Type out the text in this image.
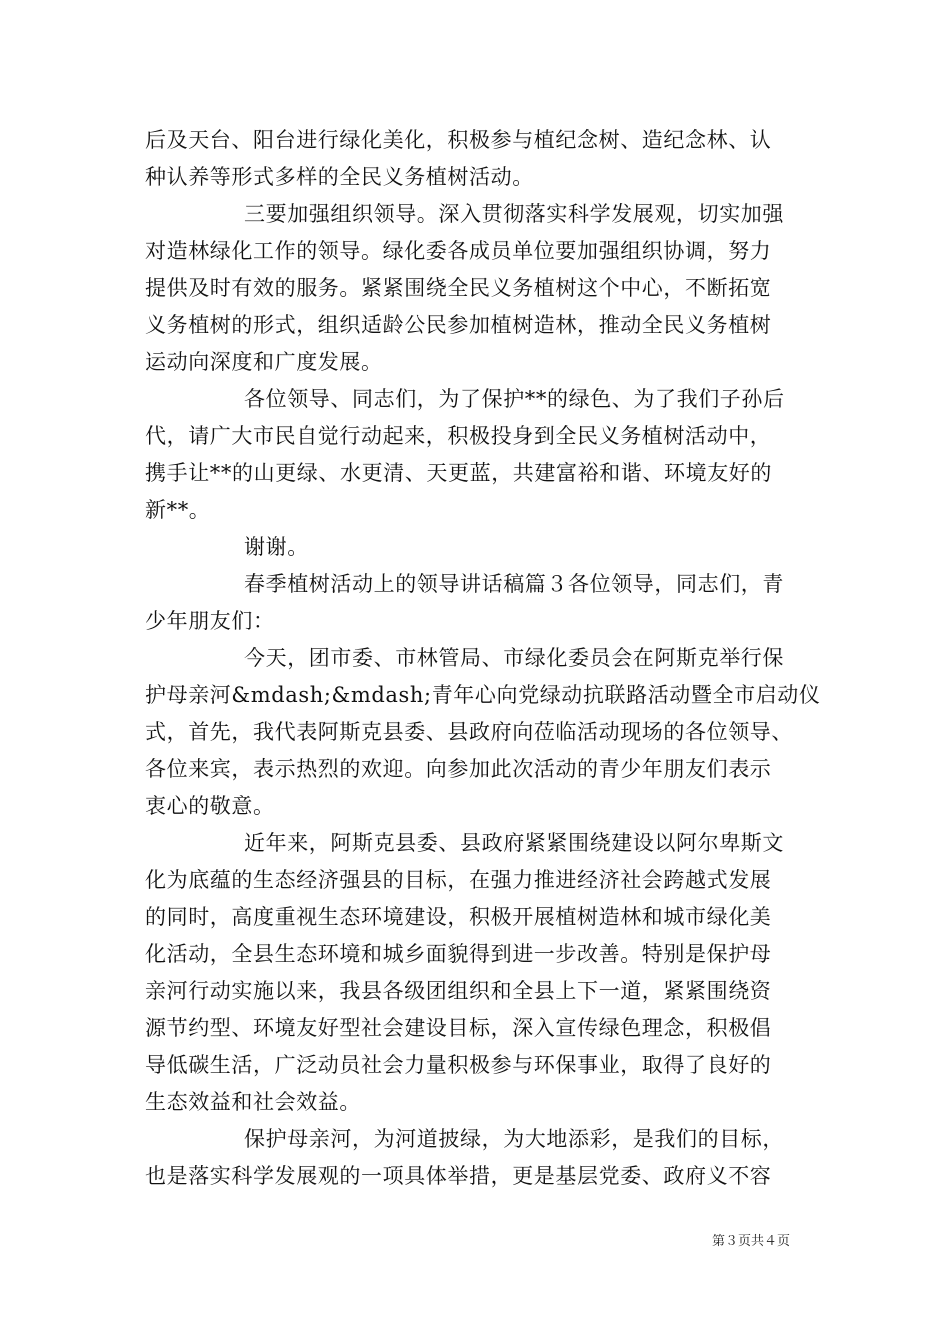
后及天台、阳台进行绿化美化，积极参与植纪念树、造纪念林、认
种认养等形式多样的全民义务植树活动。
三要加强组织领导。深入贯彻落实科学发展观，切实加强
对造林绿化工作的领导。绿化委各成员单位要加强组织协调，努力
提供及时有效的服务。紧紧围绕全民义务植树这个中心，不断拓宽
义务植树的形式，组织适龄公民参加植树造林，推动全民义务植树
运动向深度和广度发展。
各位领导、同志们，为了保护**的绿色、为了我们子孙后
代，请广大市民自觉行动起来，积极投身到全民义务植树活动中，
携手让**的山更绿、水更清、天更蓝，共建富裕和谐、环境友好的
新**。
谢谢。
春季植树活动上的领导讲话稿篇３各位领导，同志们，青
少年朋友们：
今天，团市委、市林管局、市绿化委员会在阿斯克举行保
护母亲河&mdash;&mdash;青年心向党绿动抗联路活动暨全市启动仪
式，首先，我代表阿斯克县委、县政府向莅临活动现场的各位领导、
各位来宾，表示热烈的欢迎。向参加此次活动的青少年朋友们表示
衷心的敬意。
近年来，阿斯克县委、县政府紧紧围绕建设以阿尔卑斯文
化为底蕴的生态经济强县的目标，在强力推进经济社会跨越式发展
的同时，高度重视生态环境建设，积极开展植树造林和城市绿化美
化活动，全县生态环境和城乡面貌得到进一步改善。特别是保护母
亲河行动实施以来，我县各级团组织和全县上下一道，紧紧围绕资
源节约型、环境友好型社会建设目标，深入宣传绿色理念，积极倡
导低碳生活，广泛动员社会力量积极参与环保事业，取得了良好的
生态效益和社会效益。
保护母亲河，为河道披绿，为大地添彩，是我们的目标，
也是落实科学发展观的一项具体举措，更是基层党委、政府义不容
第３页共４页
